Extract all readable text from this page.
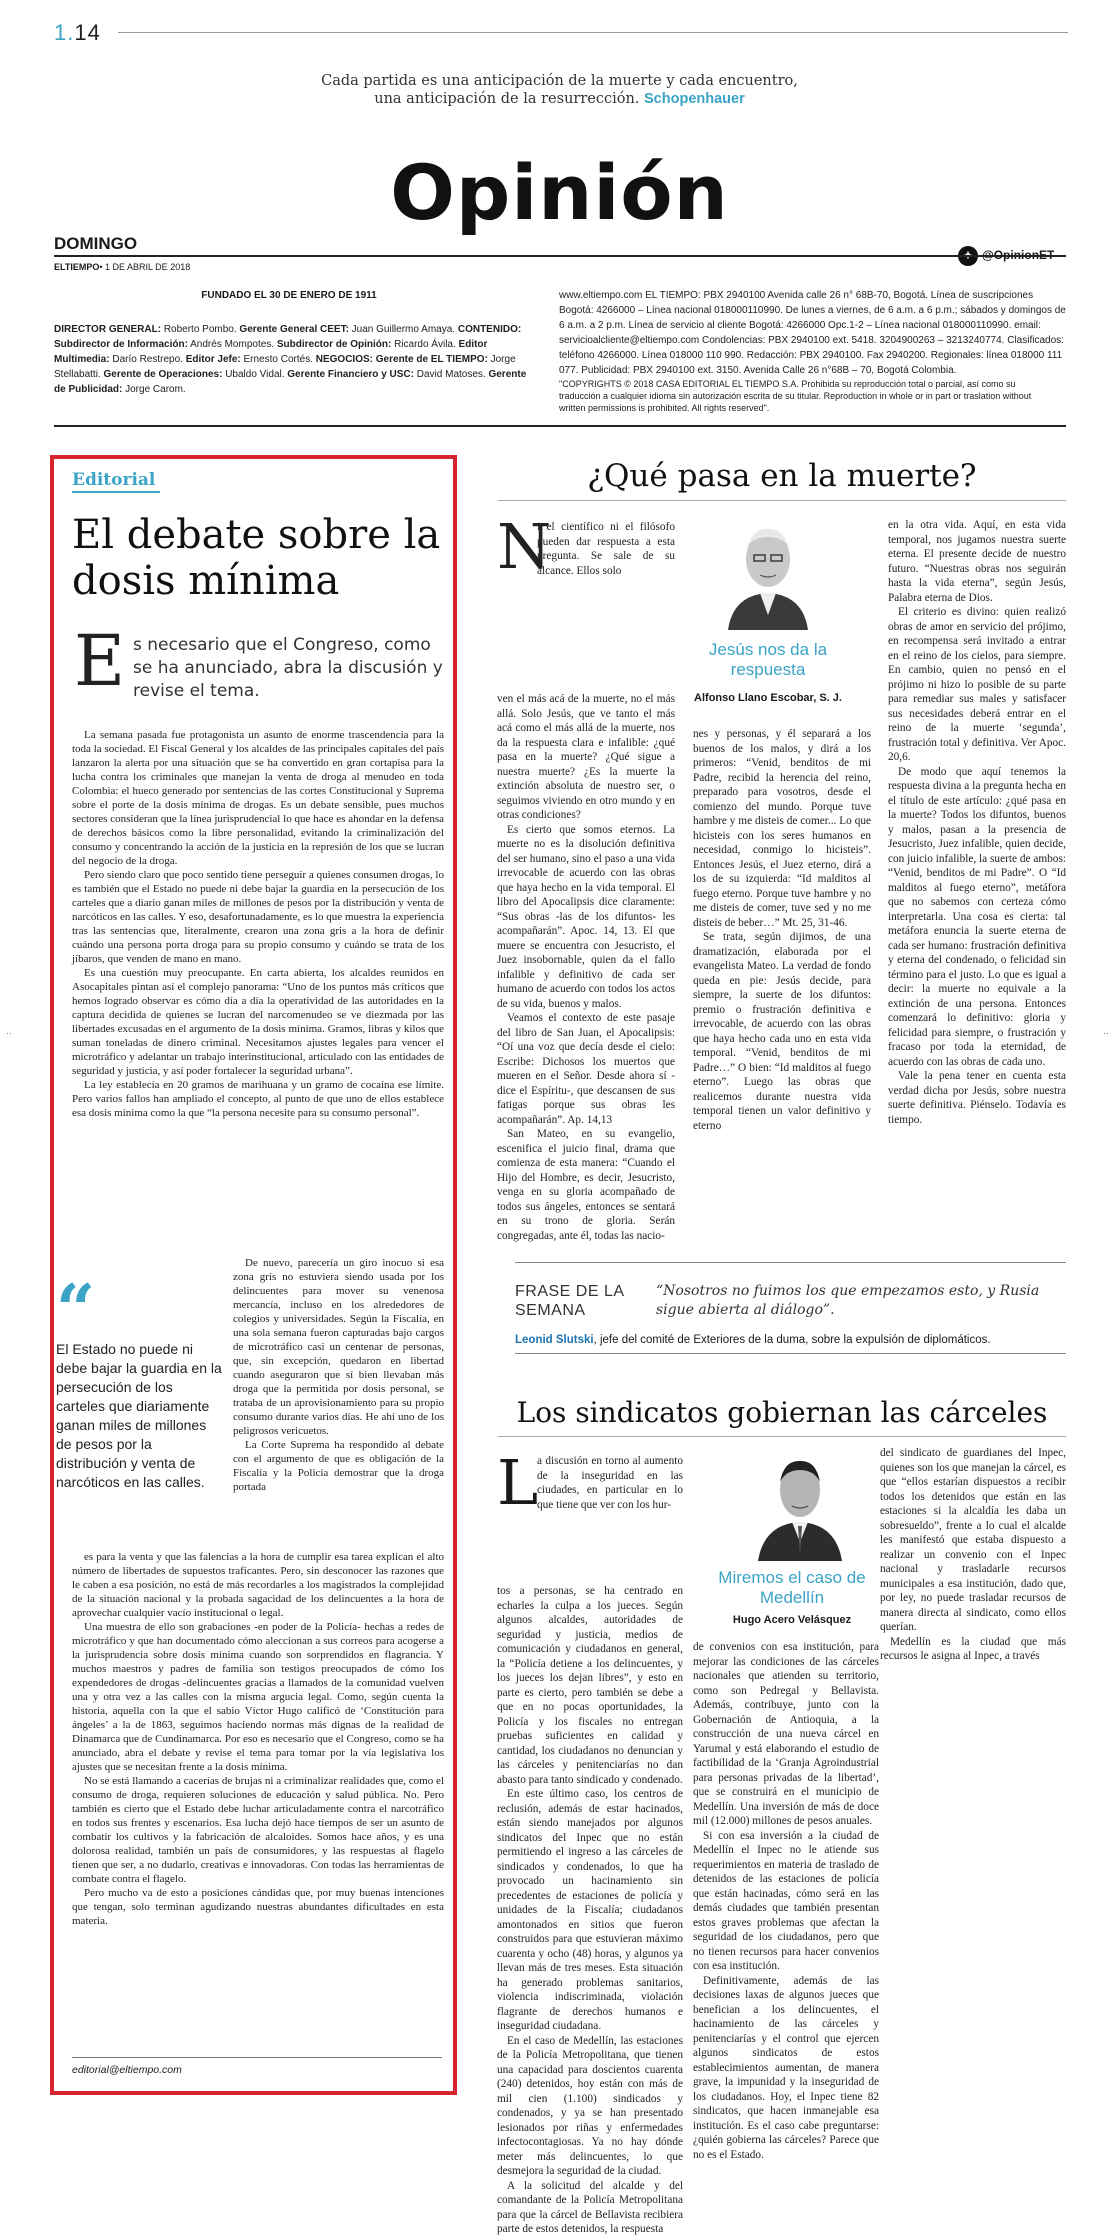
1.14
Cada partida es una anticipación de la muerte y cada encuentro,
una anticipación de la resurrección. Schopenhauer
Opinión
DOMINGO
ELTIEMPO• 1 DE ABRIL DE 2018
FUNDADO EL 30 DE ENERO DE 1911
DIRECTOR GENERAL: Roberto Pombo. Gerente General CEET: Juan Guillermo Amaya. CONTENIDO: Subdirector de Información: Andrés Mompotes. Subdirector de Opinión: Ricardo Ávila. Editor Multimedia: Darío Restrepo. Editor Jefe: Ernesto Cortés. NEGOCIOS: Gerente de EL TIEMPO: Jorge Stellabatti. Gerente de Operaciones: Ubaldo Vidal. Gerente Financiero y USC: David Matoses. Gerente de Publicidad: Jorge Carom.
www.eltiempo.com EL TIEMPO: PBX 2940100 Avenida calle 26 n° 68B-70, Bogotá. Línea de suscripciones Bogotá: 4266000 – Línea nacional 018000110990. De lunes a viernes, de 6 a.m. a 6 p.m.; sábados y domingos de 6 a.m. a 2 p.m. Línea de servicio al cliente Bogotá: 4266000 Opc.1-2 – Línea nacional 018000110990. email: servicioalcliente@eltiempo.com Condolencias: PBX 2940100 ext. 5418. 3204900263 – 3213240774. Clasificados: teléfono 4266000. Línea 018000 110 990. Redacción: PBX 2940100. Fax 2940200. Regionales: línea 018000 111 077. Publicidad: PBX 2940100 ext. 3150. Avenida Calle 26 n°68B – 70, Bogotá Colombia.
"COPYRIGHTS © 2018 CASA EDITORIAL EL TIEMPO S.A. Prohibida su reproducción total o parcial, así como su traducción a cualquier idioma sin autorización escrita de su titular. Reproduction in whole or in part or traslation without written permissions is prohibited. All rights reserved".
Editorial
El debate sobre la dosis mínima
E s necesario que el Congreso, como se ha anunciado, abra la discusión y revise el tema.

La semana pasada fue protagonista un asunto de enorme trascendencia para la toda la sociedad. El Fiscal General y los alcaldes de las principales capitales del país lanzaron la alerta por una situación que se ha convertido en gran cortapisa para la lucha contra los criminales que manejan la venta de droga al menudeo en toda Colombia: el hueco generado por sentencias de las cortes Constitucional y Suprema sobre el porte de la dosis mínima de drogas. Es un debate sensible, pues muchos sectores consideran que la línea jurisprudencial lo que hace es ahondar en la defensa de derechos básicos como la libre personalidad, evitando la criminalización del consumo y concentrando la acción de la justicia en la represión de los que se lucran del negocio de la droga.

Pero siendo claro que poco sentido tiene perseguir a quienes consumen drogas, lo es también que el Estado no puede ni debe bajar la guardia en la persecución de los carteles que a diario ganan miles de millones de pesos por la distribución y venta de narcóticos en las calles. Y eso, desafortunadamente, es lo que muestra la experiencia tras las sentencias que, literalmente, crearon una zona gris a la hora de definir cuándo una persona porta droga para su propio consumo y cuándo se trata de los jíbaros, que venden de mano en mano.

Es una cuestión muy preocupante. En carta abierta, los alcaldes reunidos en Asocapitales pintan así el complejo panorama: “Uno de los puntos más críticos que hemos logrado observar es cómo día a día la operatividad de las autoridades en la captura decidida de quienes se lucran del narcomenudeo se ve diezmada por las libertades excusadas en el argumento de la dosis mínima. Gramos, libras y kilos que suman toneladas de dinero criminal. Necesitamos ajustes legales para vencer el microtráfico y adelantar un trabajo interinstitucional, articulado con las entidades de seguridad y justicia, y así poder fortalecer la seguridad urbana”.

La ley establecía en 20 gramos de marihuana y un gramo de cocaína ese límite. Pero varios fallos han ampliado el concepto, al punto de que uno de ellos establece esa dosis mínima como la que “la persona necesite para su consumo personal”.

“
El Estado no puede ni debe bajar la guardia en la persecución de los carteles que diariamente ganan miles de millones de pesos por la distribución y venta de narcóticos en las calles.

De nuevo, parecería un giro inocuo si esa zona gris no estuviera siendo usada por los delincuentes para mover su venenosa mercancía, incluso en los alrededores de colegios y universidades. Según la Fiscalía, en una sola semana fueron capturadas bajo cargos de microtráfico casi un centenar de personas, que, sin excepción, quedaron en libertad cuando aseguraron que sí bien llevaban más droga que la permitida por dosis personal, se trataba de un aprovisionamiento para su propio consumo durante varios días. He ahí uno de los peligrosos vericuetos.

La Corte Suprema ha respondido al debate con el argumento de que es obligación de la Fiscalía y la Policía demostrar que la droga portada

es para la venta y que las falencias a la hora de cumplir esa tarea explican el alto número de libertades de supuestos traficantes. Pero, sin desconocer las razones que le caben a esa posición, no está de más recordarles a los magistrados la complejidad de la situación nacional y la probada sagacidad de los delincuentes a la hora de aprovechar cualquier vacío institucional o legal.

Una muestra de ello son grabaciones -en poder de la Policía- hechas a redes de microtráfico y que han documentado cómo aleccionan a sus correos para acogerse a la jurisprudencia sobre dosis mínima cuando son sorprendidos en flagrancia. Y muchos maestros y padres de familia son testigos preocupados de cómo los expendedores de drogas -delincuentes gracias a llamados de la comunidad vuelven una y otra vez a las calles con la misma argucia legal. Como, según cuenta la historia, aquella con la que el sabio Víctor Hugo calificó de ‘Constitución para ángeles’ a la de 1863, seguimos haciendo normas más dignas de la realidad de Dinamarca que de Cundinamarca. Por eso es necesario que el Congreso, como se ha anunciado, abra el debate y revise el tema para tomar por la vía legislativa los ajustes que se necesitan frente a la dosis mínima.

No se está llamando a cacerías de brujas ni a criminalizar realidades que, como el consumo de droga, requieren soluciones de educación y salud pública. No. Pero también es cierto que el Estado debe luchar articuladamente contra el narcotráfico en todos sus frentes y escenarios. Esa lucha dejó hace tiempos de ser un asunto de combatir los cultivos y la fabricación de alcaloides. Somos hace años, y es una dolorosa realidad, también un país de consumidores, y las respuestas al flagelo tienen que ser, a no dudarlo, creativas e innovadoras. Con todas las herramientas de combate contra el flagelo.

Pero mucho va de esto a posiciones cándidas que, por muy buenas intenciones que tengan, solo terminan agudizando nuestras abundantes dificultades en esta materia.

editorial@eltiempo.com
¿Qué pasa en la muerte?
N

i el científico ni el filósofo pueden dar respuesta a esta pregunta. Se sale de su alcance. Ellos solo

ven el más acá de la muerte, no el más allá. Solo Jesús, que ve tanto el más acá como el más allá de la muerte, nos da la respuesta clara e infalible: ¿qué pasa en la muerte? ¿Qué sigue a nuestra muerte? ¿Es la muerte la extinción absoluta de nuestro ser, o seguimos viviendo en otro mundo y en otras condiciones?

Es cierto que somos eternos. La muerte no es la disolución definitiva del ser humano, sino el paso a una vida irrevocable de acuerdo con las obras que haya hecho en la vida temporal. El libro del Apocalipsis dice claramente: “Sus obras -las de los difuntos- les acompañarán”. Apoc. 14, 13. El que muere se encuentra con Jesucristo, el Juez insobornable, quien da el fallo infalible y definitivo de cada ser humano de acuerdo con todos los actos de su vida, buenos y malos.

Veamos el contexto de este pasaje del libro de San Juan, el Apocalipsis: “Oí una voz que decía desde el cielo: Escribe: Dichosos los muertos que mueren en el Señor. Desde ahora sí -dice el Espíritu-, que descansen de sus fatigas porque sus obras les acompañarán”. Ap. 14,13

San Mateo, en su evangelio, escenifica el juicio final, drama que comienza de esta manera: “Cuando el Hijo del Hombre, es decir, Jesucristo, venga en su gloria acompañado de todos sus ángeles, entonces se sentará en su trono de gloria. Serán congregadas, ante él, todas las nacio-

Jesús nos da la respuesta
Alfonso Llano Escobar, S. J.

nes y personas, y él separará a los buenos de los malos, y dirá a los primeros: “Venid, benditos de mi Padre, recibid la herencia del reino, preparado para vosotros, desde el comienzo del mundo. Porque tuve hambre y me disteis de comer... Lo que hicisteis con los seres humanos en necesidad, conmigo lo hicisteis”. Entonces Jesús, el Juez eterno, dirá a los de su izquierda: “Id malditos al fuego eterno. Porque tuve hambre y no me disteis de comer, tuve sed y no me disteis de beber…” Mt. 25, 31-46.

Se trata, según dijimos, de una dramatización, elaborada por el evangelista Mateo. La verdad de fondo queda en pie: Jesús decide, para siempre, la suerte de los difuntos: premio o frustración definitiva e irrevocable, de acuerdo con las obras que haya hecho cada uno en esta vida temporal. “Venid, benditos de mi Padre…” O bien: “Id malditos al fuego eterno”. Luego las obras que realicemos durante nuestra vida temporal tienen un valor definitivo y eterno

en la otra vida. Aquí, en esta vida temporal, nos jugamos nuestra suerte eterna. El presente decide de nuestro futuro. “Nuestras obras nos seguirán hasta la vida eterna”, según Jesús, Palabra eterna de Dios.

El criterio es divino: quien realizó obras de amor en servicio del prójimo, en recompensa será invitado a entrar en el reino de los cielos, para siempre. En cambio, quien no pensó en el prójimo ni hizo lo posible de su parte para remediar sus males y satisfacer sus necesidades deberá entrar en el reino de la muerte ‘segunda’, frustración total y definitiva. Ver Apoc. 20,6.

De modo que aquí tenemos la respuesta divina a la pregunta hecha en el título de este artículo: ¿qué pasa en la muerte? Todos los difuntos, buenos y malos, pasan a la presencia de Jesucristo, Juez infalible, quien decide, con juicio infalible, la suerte de ambos: “Venid, benditos de mi Padre”. O “Id malditos al fuego eterno”, metáfora que no sabemos con certeza cómo interpretarla. Una cosa es cierta: tal metáfora enuncia la suerte eterna de cada ser humano: frustración definitiva y eterna del condenado, o felicidad sin término para el justo. Lo que es igual a decir: la muerte no equivale a la extinción de una persona. Entonces comenzará lo definitivo: gloria y felicidad para siempre, o frustración y fracaso por toda la eternidad, de acuerdo con las obras de cada uno.

Vale la pena tener en cuenta esta verdad dicha por Jesús, sobre nuestra suerte definitiva. Piénselo. Todavía es tiempo.

FRASE DE LA
SEMANA
“Nosotros no fuimos los que empezamos esto, y Rusia sigue abierta al diálogo”.
Leonid Slutski, jefe del comité de Exteriores de la duma, sobre la expulsión de diplomáticos.
Los sindicatos gobiernan las cárceles
L

a discusión en torno al aumento de la inseguridad en las ciudades, en particular en lo que tiene que ver con los hur-

tos a personas, se ha centrado en echarles la culpa a los jueces. Según algunos alcaldes, autoridades de seguridad y justicia, medios de comunicación y ciudadanos en general, la “Policía detiene a los delincuentes, y los jueces los dejan libres”, y esto en parte es cierto, pero también se debe a que en no pocas oportunidades, la Policía y los fiscales no entregan pruebas suficientes en calidad y cantidad, los ciudadanos no denuncian y las cárceles y penitenciarías no dan abasto para tanto sindicado y condenado.

En este último caso, los centros de reclusión, además de estar hacinados, están siendo manejados por algunos sindicatos del Inpec que no están permitiendo el ingreso a las cárceles de sindicados y condenados, lo que ha provocado un hacinamiento sin precedentes de estaciones de policía y unidades de la Fiscalía; ciudadanos amontonados en sitios que fueron construidos para que estuvieran máximo cuarenta y ocho (48) horas, y algunos ya llevan más de tres meses. Esta situación ha generado problemas sanitarios, violencia indiscriminada, violación flagrante de derechos humanos e inseguridad ciudadana.

En el caso de Medellín, las estaciones de la Policía Metropolitana, que tienen una capacidad para doscientos cuarenta (240) detenidos, hoy están con más de mil cien (1.100) sindicados y condenados, y ya se han presentado lesionados por riñas y enfermedades infectocontagiosas. Ya no hay dónde meter más delincuentes, lo que desmejora la seguridad de la ciudad.

A la solicitud del alcalde y del comandante de la Policía Metropolitana para que la cárcel de Bellavista recibiera parte de estos detenidos, la respuesta

Miremos el caso de Medellín
Hugo Acero Velásquez

de convenios con esa institución, para mejorar las condiciones de las cárceles nacionales que atienden su territorio, como son Pedregal y Bellavista. Además, contribuye, junto con la Gobernación de Antioquia, a la construcción de una nueva cárcel en Yarumal y está elaborando el estudio de factibilidad de la ‘Granja Agroindustrial para personas privadas de la libertad’, que se construirá en el municipio de Medellín. Una inversión de más de doce mil (12.000) millones de pesos anuales.

Si con esa inversión a la ciudad de Medellín el Inpec no le atiende sus requerimientos en materia de traslado de detenidos de las estaciones de policía que están hacinadas, cómo será en las demás ciudades que también presentan estos graves problemas que afectan la seguridad de los ciudadanos, pero que no tienen recursos para hacer convenios con esa institución.

Definitivamente, además de las decisiones laxas de algunos jueces que benefician a los delincuentes, el hacinamiento de las cárceles y penitenciarías y el control que ejercen algunos sindicatos de estos establecimientos aumentan, de manera grave, la impunidad y la inseguridad de los ciudadanos. Hoy, el Inpec tiene 82 sindicatos, que hacen inmanejable esa institución. Es el caso cabe preguntarse: ¿quién gobierna las cárceles? Parece que no es el Estado.

del sindicato de guardianes del Inpec, quienes son los que manejan la cárcel, es que “ellos estarían dispuestos a recibir todos los detenidos que están en las estaciones si la alcaldía les daba un sobresueldo”, frente a lo cual el alcalde les manifestó que estaba dispuesto a realizar un convenio con el Inpec nacional y trasladarle recursos municipales a esa institución, dado que, por ley, no puede trasladar recursos de manera directa al sindicato, como ellos querían.

Medellín es la ciudad que más recursos le asigna al Inpec, a través

··	··
